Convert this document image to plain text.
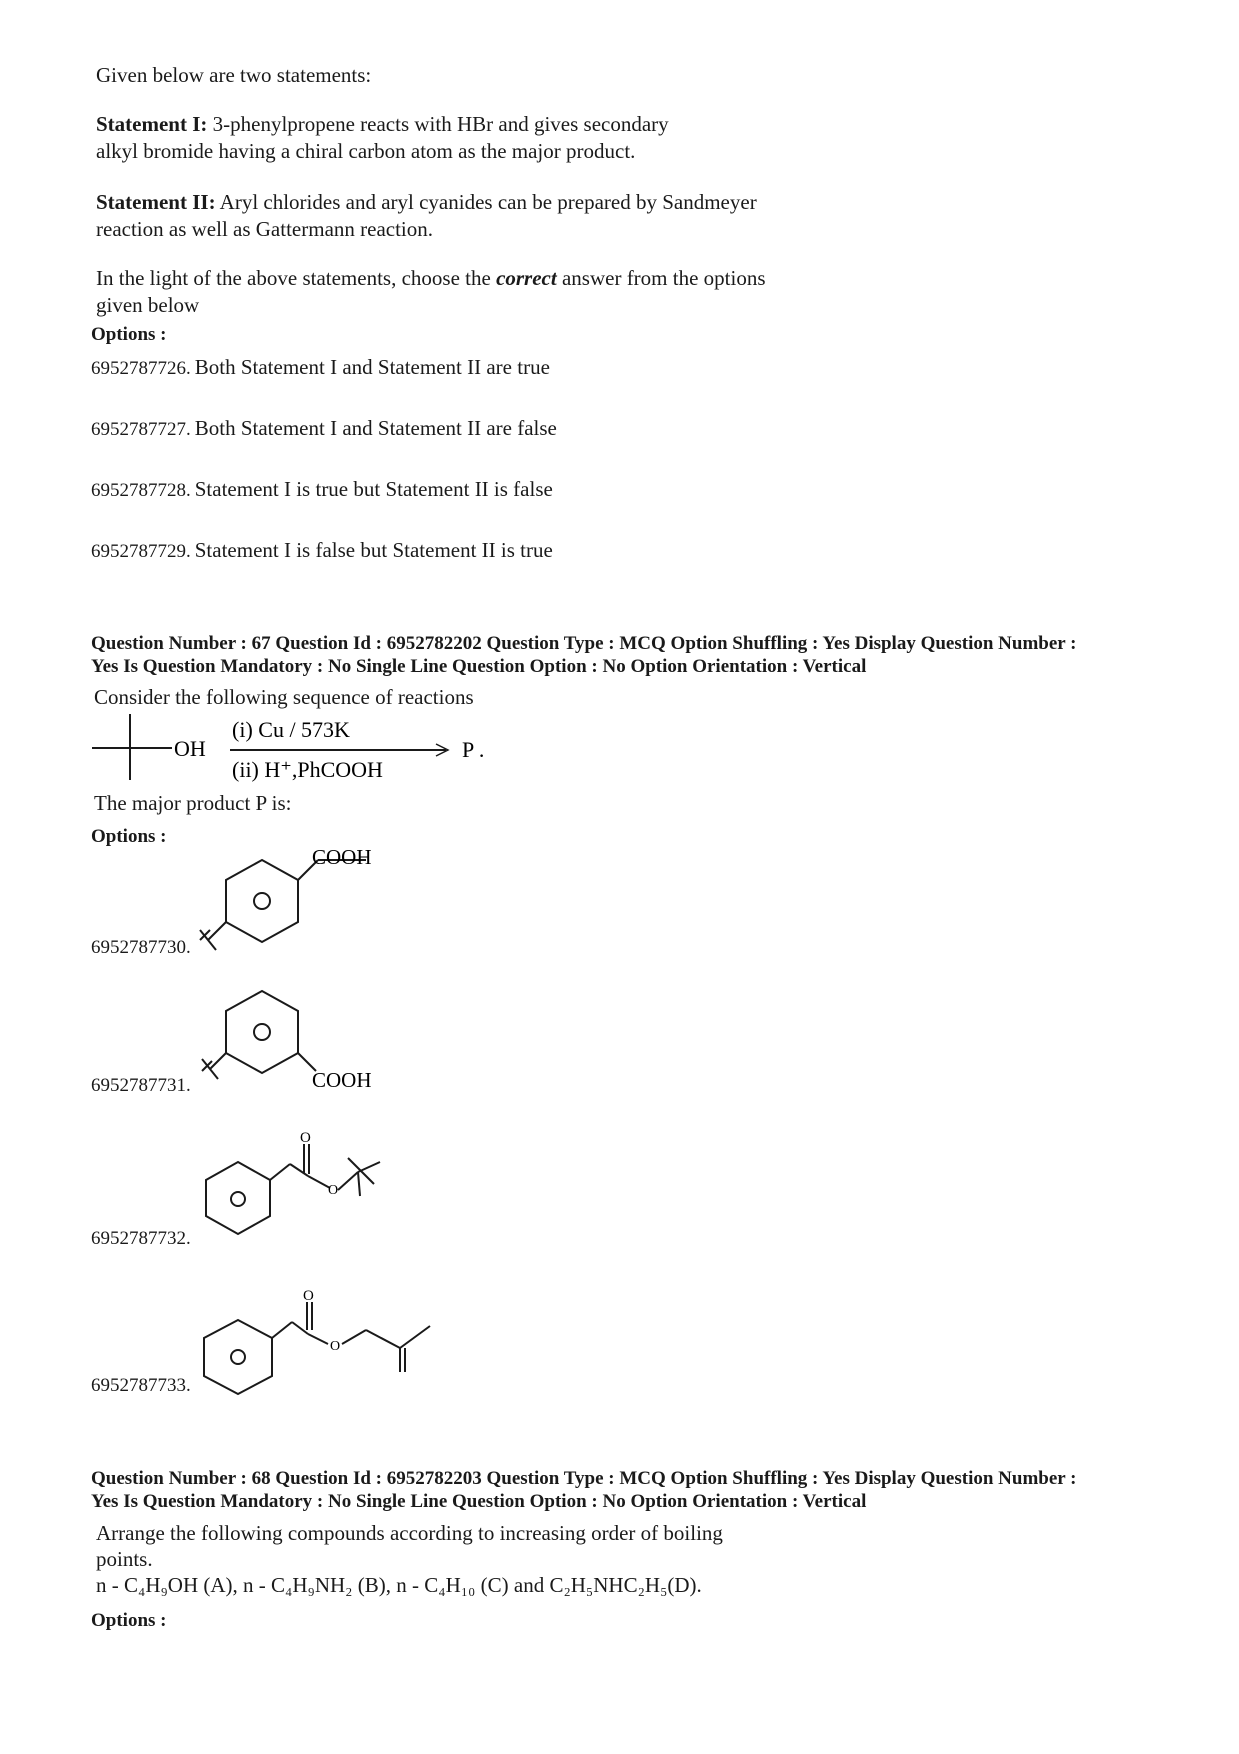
Given below are two statements:
Statement I: 3-phenylpropene reacts with HBr and gives secondary
alkyl bromide having a chiral carbon atom as the major product.
Statement II: Aryl chlorides and aryl cyanides can be prepared by Sandmeyer
reaction as well as Gattermann reaction.
In the light of the above statements, choose the correct answer from the options
given below
Options :
6952787726. Both Statement I and Statement II are true
6952787727. Both Statement I and Statement II are false
6952787728. Statement I is true but Statement II is false
6952787729. Statement I is false but Statement II is true
Question Number : 67 Question Id : 6952782202 Question Type : MCQ Option Shuffling : Yes Display Question Number :
Yes Is Question Mandatory : No Single Line Question Option : No Option Orientation : Vertical
Consider the following sequence of reactions
OH
(i) Cu / 573K
(ii) H⁺,PhCOOH
P .
The major product P is:
Options :
6952787730.
COOH
6952787731.	COOH
6952787732.
O
O
6952787733.
O
O
Question Number : 68 Question Id : 6952782203 Question Type : MCQ Option Shuffling : Yes Display Question Number :
Yes Is Question Mandatory : No Single Line Question Option : No Option Orientation : Vertical
Arrange the following compounds according to increasing order of boiling
points.
n - C₄H₉OH (A), n - C₄H₉NH₂ (B), n - C₄H₁₀ (C) and C₂H₅NHC₂H₅(D).
Options :
